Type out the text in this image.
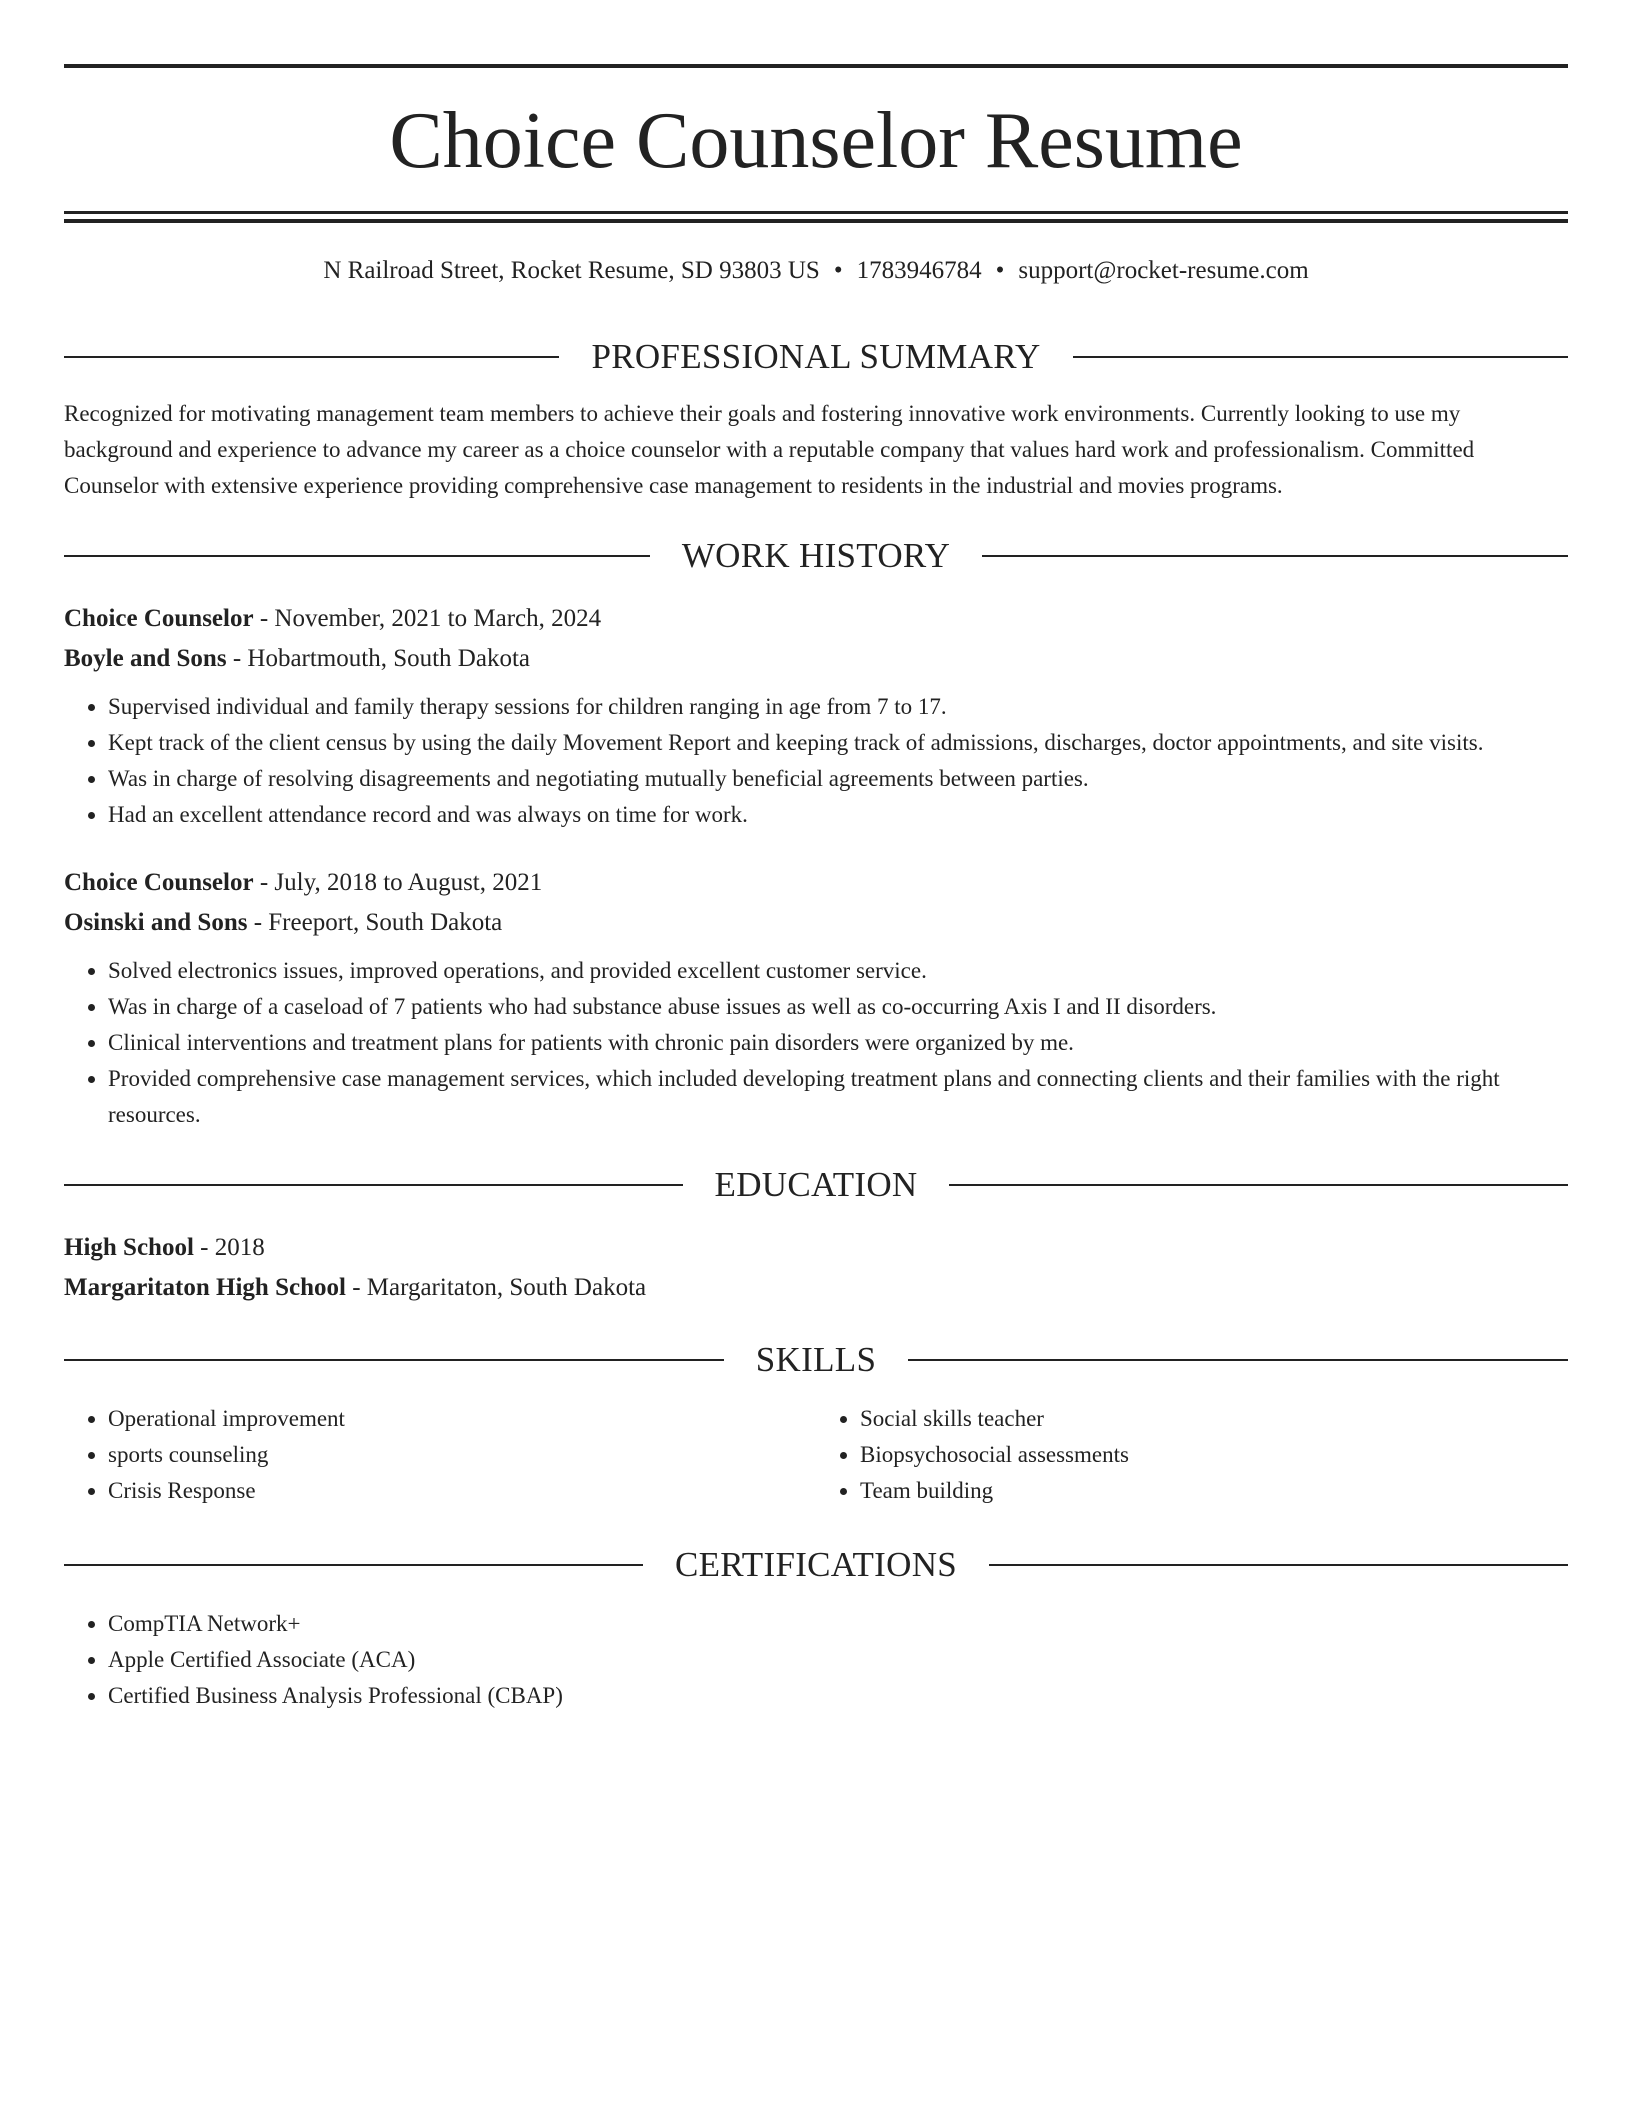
Choice Counselor Resume
N Railroad Street, Rocket Resume, SD 93803 US • 1783946784 • support@rocket-resume.com
PROFESSIONAL SUMMARY

Recognized for motivating management team members to achieve their goals and fostering innovative work environments. Currently looking to use my background and experience to advance my career as a choice counselor with a reputable company that values hard work and professionalism. Committed Counselor with extensive experience providing comprehensive case management to residents in the industrial and movies programs.

WORK HISTORY
Choice Counselor - November, 2021 to March, 2024
Boyle and Sons - Hobartmouth, South Dakota
• Supervised individual and family therapy sessions for children ranging in age from 7 to 17.
• Kept track of the client census by using the daily Movement Report and keeping track of admissions, discharges, doctor appointments, and site visits.
• Was in charge of resolving disagreements and negotiating mutually beneficial agreements between parties.
• Had an excellent attendance record and was always on time for work.
Choice Counselor - July, 2018 to August, 2021
Osinski and Sons - Freeport, South Dakota
• Solved electronics issues, improved operations, and provided excellent customer service.
• Was in charge of a caseload of 7 patients who had substance abuse issues as well as co-occurring Axis I and II disorders.
• Clinical interventions and treatment plans for patients with chronic pain disorders were organized by me.
• Provided comprehensive case management services, which included developing treatment plans and connecting clients and their families with the right resources.
EDUCATION
High School - 2018
Margaritaton High School - Margaritaton, South Dakota
SKILLS
• Operational improvement
• sports counseling
• Crisis Response
• Social skills teacher
• Biopsychosocial assessments
• Team building
CERTIFICATIONS
• CompTIA Network+
• Apple Certified Associate (ACA)
• Certified Business Analysis Professional (CBAP)
